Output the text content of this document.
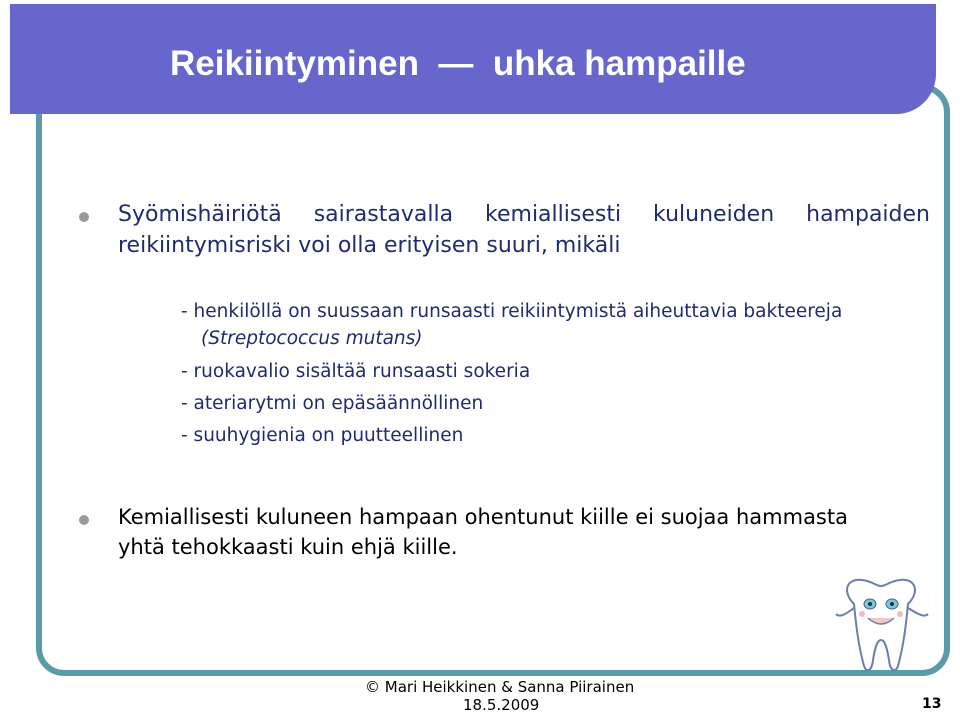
Reikiintyminen  —  uhka hampaille
Syömishäiriötä sairastavalla kemiallisesti kuluneiden hampaiden
reikiintymisriski voi olla erityisen suuri, mikäli
- henkilöllä on suussaan runsaasti reikiintymistä aiheuttavia bakteereja
(Streptococcus mutans)
- ruokavalio sisältää runsaasti sokeria
- ateriarytmi on epäsäännöllinen
- suuhygienia on puutteellinen
Kemiallisesti kuluneen hampaan ohentunut kiille ei suojaa hammasta
yhtä tehokkaasti kuin ehjä kiille.
© Mari Heikkinen & Sanna Piirainen
18.5.2009	13
